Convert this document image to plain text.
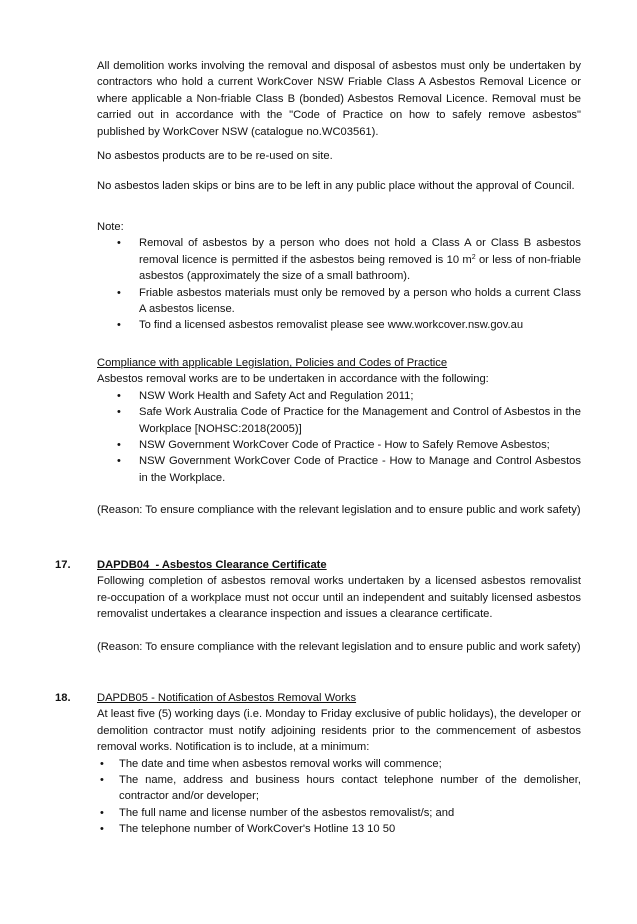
All demolition works involving the removal and disposal of asbestos must only be undertaken by contractors who hold a current WorkCover NSW Friable Class A Asbestos Removal Licence or where applicable a Non-friable Class B (bonded) Asbestos Removal Licence. Removal must be carried out in accordance with the "Code of Practice on how to safely remove asbestos" published by WorkCover NSW (catalogue no.WC03561).

No asbestos products are to be re-used on site.

No asbestos laden skips or bins are to be left in any public place without the approval of Council.

Note:

• Removal of asbestos by a person who does not hold a Class A or Class B asbestos removal licence is permitted if the asbestos being removed is 10 $m^2$ or less of non-friable asbestos (approximately the size of a small bathroom).
• Friable asbestos materials must only be removed by a person who holds a current Class A asbestos license.
• To find a licensed asbestos removalist please see www.workcover.nsw.gov.au

Compliance with applicable Legislation, Policies and Codes of Practice

Asbestos removal works are to be undertaken in accordance with the following:

• NSW Work Health and Safety Act and Regulation 2011;
• Safe Work Australia Code of Practice for the Management and Control of Asbestos in the Workplace [NOHSC:2018(2005)]
• NSW Government WorkCover Code of Practice - How to Safely Remove Asbestos;
• NSW Government WorkCover Code of Practice - How to Manage and Control Asbestos in the Workplace.

(Reason: To ensure compliance with the relevant legislation and to ensure public and work safety)

17. DAPDB04  - Asbestos Clearance Certificate

Following completion of asbestos removal works undertaken by a licensed asbestos removalist re-occupation of a workplace must not occur until an independent and suitably licensed asbestos removalist undertakes a clearance inspection and issues a clearance certificate.

(Reason: To ensure compliance with the relevant legislation and to ensure public and work safety)

18. DAPDB05 - Notification of Asbestos Removal Works

At least five (5) working days (i.e. Monday to Friday exclusive of public holidays), the developer or demolition contractor must notify adjoining residents prior to the commencement of asbestos removal works. Notification is to include, at a minimum:

• The date and time when asbestos removal works will commence;
• The name, address and business hours contact telephone number of the demolisher, contractor and/or developer;
• The full name and license number of the asbestos removalist/s; and
• The telephone number of WorkCover's Hotline 13 10 50
